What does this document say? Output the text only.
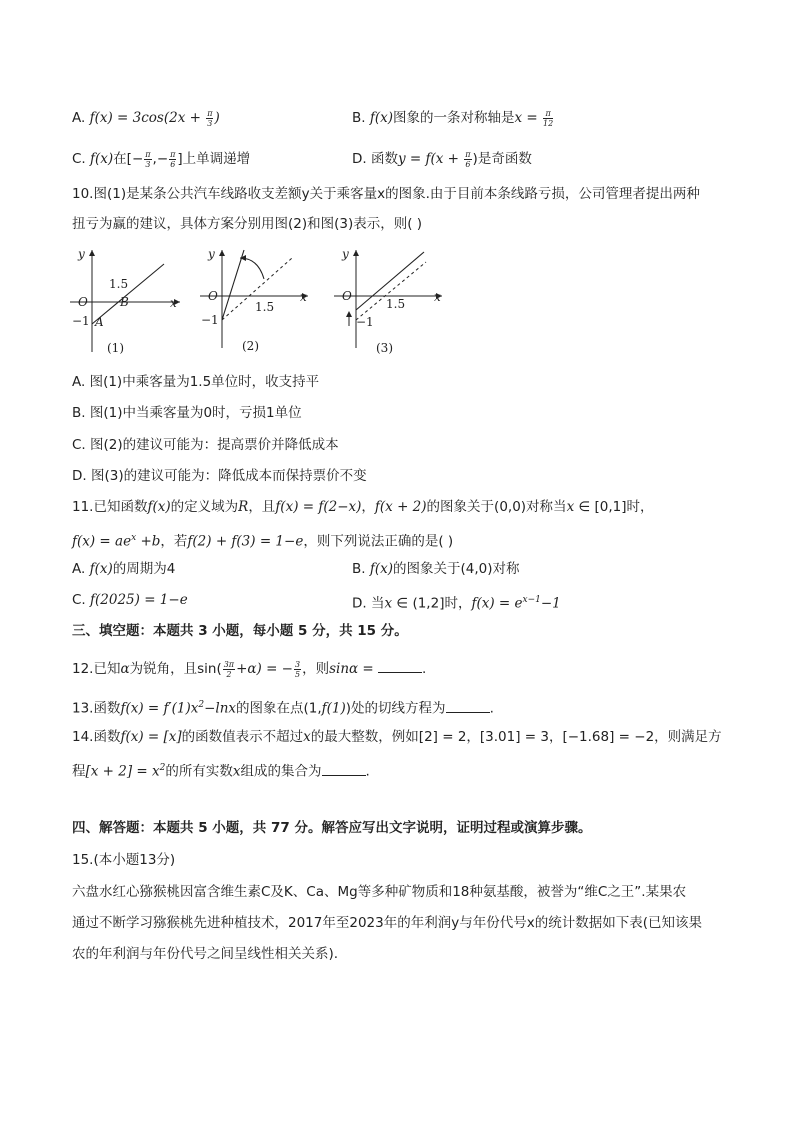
A. $f(x) = 3\cos(2x + \frac{\pi}{3}$ )	B. f(x)图象的一条对称轴是$x = \frac{\pi}{12}$
C. f(x)在[− $\frac{\pi}{3}$ ,− $\frac{\pi}{6}$ ]上单调递增	D. 函数$y = f(x + \frac{\pi}{6}$ )是奇函数
10.图(1)是某条公共汽车线路收支差额y关于乘客量x的图象.由于目前本条线路亏损，公司管理者提出两种
扭亏为赢的建议，具体方案分别用图(2)和图(3)表示，则( )
y
x
O
1.5
B
−1 A
(1)
y
x
O
1.5
−1
(2)
y
x
O
1.5
−1
(3)
A. 图(1)中乘客量为1.5单位时，收支持平
B. 图(1)中当乘客量为0时，亏损1单位
C. 图(2)的建议可能为：提高票价并降低成本
D. 图(3)的建议可能为：降低成本而保持票价不变
11.已知函数f(x)的定义域为R，且f(x) = f(2−x)，f(x + 2)的图象关于(0,0)对称当x ∈ [0,1]时，
$f(x) = ae^x +b$，若f(2) + f(3) = 1−e，则下列说法正确的是( )
A. f(x)的周期为4	B. f(x)的图象关于(4,0)对称
C. f(2025) = 1−e	D. 当x ∈ (1,2]时，$f(x) = e^{x-1}-1$
三、填空题：本题共 3 小题，每小题 5 分，共 15 分。
12.已知α为锐角，且$\sin( \frac{3\pi}{2} +\alpha)$ = − $\frac{3}{5}$ ，则sinα =	.
13.函数$f(x) = f'(1)x^2-\ln x$的图象在点(1,f(1))处的切线方程为	.
14.函数f(x) = [x]的函数值表示不超过x的最大整数，例如[2] = 2，[3.01] = 3，[−1.68] = −2，则满足方
程$[x + 2] = x^2$的所有实数x组成的集合为	.
四、解答题：本题共 5 小题，共 77 分。解答应写出文字说明，证明过程或演算步骤。
15.(本小题13分)
六盘水红心猕猴桃因富含维生素C及K、Ca、Mg等多种矿物质和18种氨基酸，被誉为“维C之王”.某果农
通过不断学习猕猴桃先进种植技术，2017年至2023年的年利润y与年份代号x的统计数据如下表(已知该果
农的年利润与年份代号之间呈线性相关关系).
